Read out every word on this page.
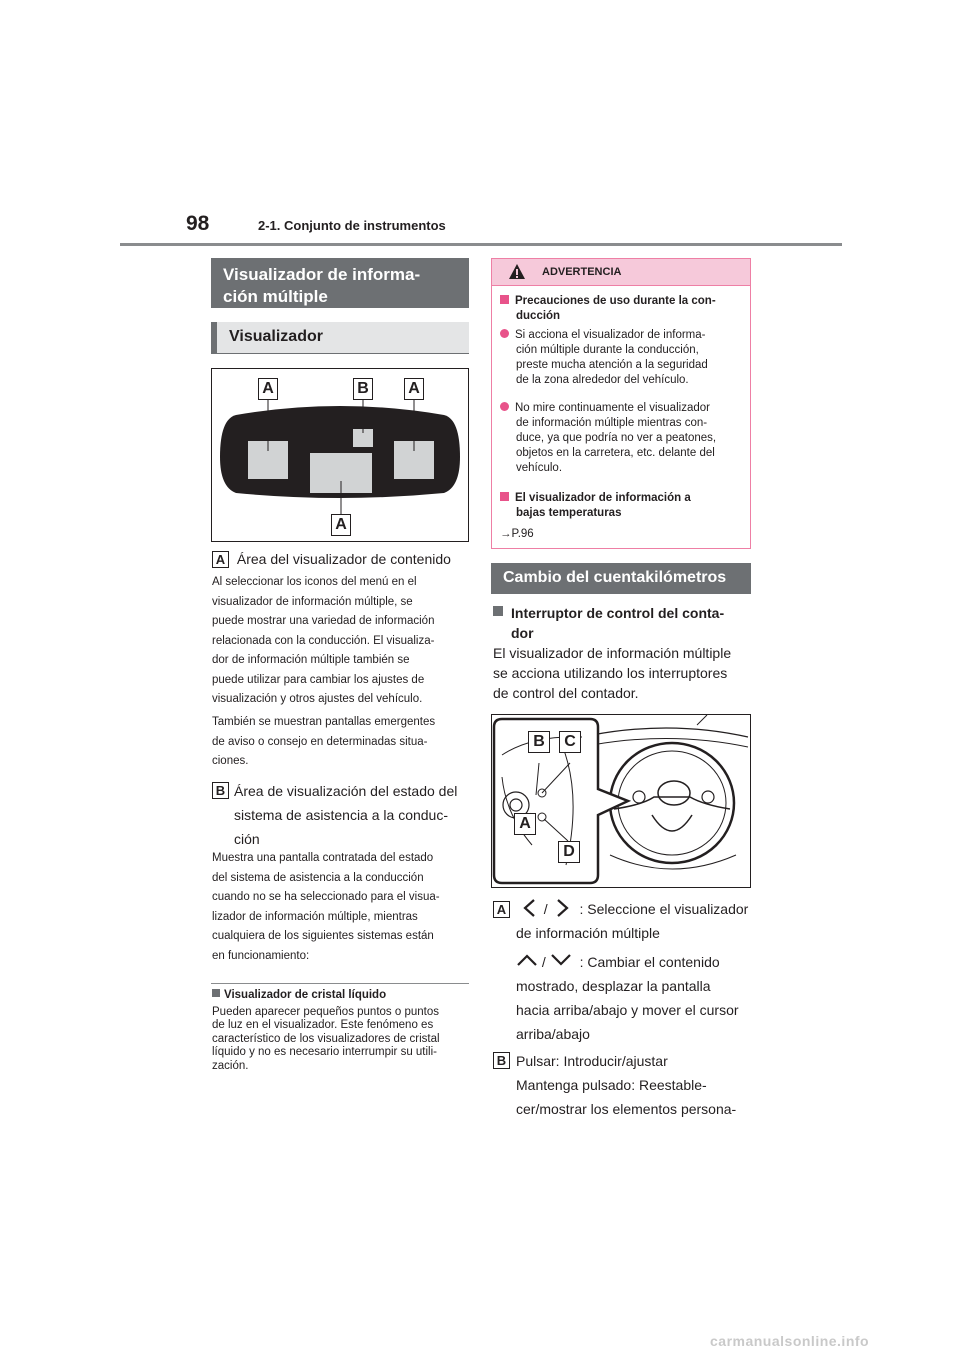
98	2-1. Conjunto de instrumentos
Visualizador de informa-
ción múltiple
Visualizador
A	B A
A
A Área del visualizador de contenido

Al seleccionar los iconos del menú en el

visualizador de información múltiple, se

puede mostrar una variedad de información

relacionada con la conducción. El visualiza-

dor de información múltiple también se

puede utilizar para cambiar los ajustes de

visualización y otros ajustes del vehículo.

También se muestran pantallas emergentes

de aviso o consejo en determinadas situa-

ciones.

B Área de visualización del estado del

sistema de asistencia a la conduc-

ción

Muestra una pantalla contratada del estado

del sistema de asistencia a la conducción

cuando no se ha seleccionado para el visua-

lizador de información múltiple, mientras

cualquiera de los siguientes sistemas están

en funcionamiento:

Visualizador de cristal líquido

Pueden aparecer pequeños puntos o puntos

de luz en el visualizador. Este fenómeno es

característico de los visualizadores de cristal

líquido y no es necesario interrumpir su utili-

zación.

ADVERTENCIA
Precauciones de uso durante la con-
ducción
Si acciona el visualizador de informa-
ción múltiple durante la conducción,
preste mucha atención a la seguridad
de la zona alrededor del vehículo.
No mire continuamente el visualizador
de información múltiple mientras con-
duce, ya que podría no ver a peatones,
objetos en la carretera, etc. delante del
vehículo.
El visualizador de información a
bajas temperaturas
→P.96
Cambio del cuentakilómetros
Interruptor de control del conta-
dor

El visualizador de información múltiple

se acciona utilizando los interruptores

de control del contador.

B	C
A
D
A	/ : Seleccione el visualizador
de información múltiple
/ : Cambiar el contenido

mostrado, desplazar la pantalla

hacia arriba/abajo y mover el cursor

arriba/abajo

B Pulsar: Introducir/ajustar

Mantenga pulsado: Reestable-

cer/mostrar los elementos persona-

carmanualsonline.info
